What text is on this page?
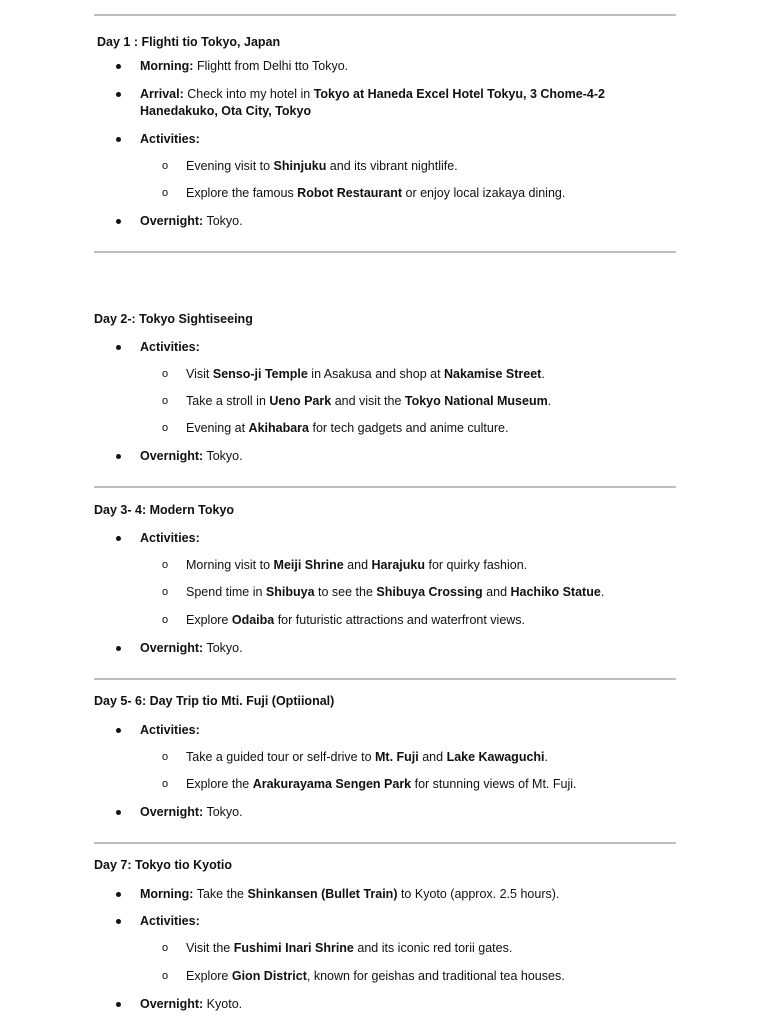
Day 1 : Flighti tio Tokyo, Japan
Morning: Flightt from Delhi tto Tokyo.
Arrival: Check into my hotel in Tokyo at Haneda Excel Hotel Tokyu, 3 Chome-4-2
Hanedakuko, Ota City, Tokyo
Activities:
o Evening visit to Shinjuku and its vibrant nightlife.
o Explore the famous Robot Restaurant or enjoy local izakaya dining.
Overnight: Tokyo.
Day 2-: Tokyo Sightiseeing
Activities:
o Visit Senso-ji Temple in Asakusa and shop at Nakamise Street.
o Take a stroll in Ueno Park and visit the Tokyo National Museum.
o Evening at Akihabara for tech gadgets and anime culture.
Overnight: Tokyo.
Day 3- 4: Modern Tokyo
Activities:
o Morning visit to Meiji Shrine and Harajuku for quirky fashion.
o Spend time in Shibuya to see the Shibuya Crossing and Hachiko Statue.
o Explore Odaiba for futuristic attractions and waterfront views.
Overnight: Tokyo.
Day 5- 6: Day Trip tio Mti. Fuji (Optiional)
Activities:
o Take a guided tour or self-drive to Mt. Fuji and Lake Kawaguchi.
o Explore the Arakurayama Sengen Park for stunning views of Mt. Fuji.
Overnight: Tokyo.
Day 7: Tokyo tio Kyotio
Morning: Take the Shinkansen (Bullet Train) to Kyoto (approx. 2.5 hours).
Activities:
o Visit the Fushimi Inari Shrine and its iconic red torii gates.
o Explore Gion District, known for geishas and traditional tea houses.
Overnight: Kyoto.
